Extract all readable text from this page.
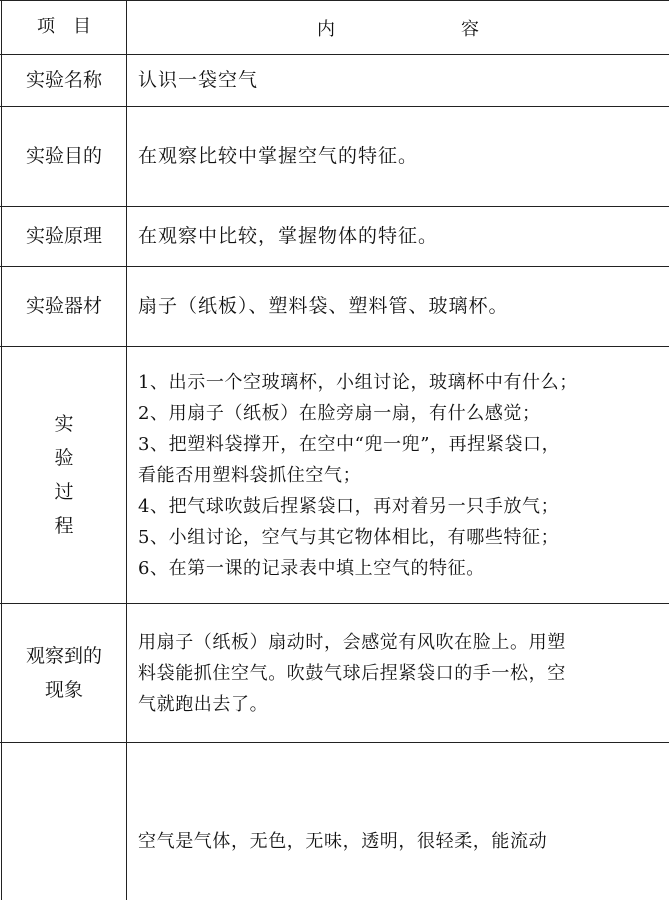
项　目	内　　　　　　　容
实验名称 认识一袋空气
实验目的 在观察比较中掌握空气的特征。
实验原理 在观察中比较，掌握物体的特征。
实验器材 扇子（纸板）、塑料袋、塑料管、玻璃杯。
实
验
过
程
1、出示一个空玻璃杯，小组讨论，玻璃杯中有什么；
2、用扇子（纸板）在脸旁扇一扇，有什么感觉；
3、把塑料袋撑开，在空中“兜一兜”，再捏紧袋口，
看能否用塑料袋抓住空气；
4、把气球吹鼓后捏紧袋口，再对着另一只手放气；
5、小组讨论，空气与其它物体相比，有哪些特征；
6、在第一课的记录表中填上空气的特征。
观察到的
现象
用扇子（纸板）扇动时，会感觉有风吹在脸上。用塑
料袋能抓住空气。吹鼓气球后捏紧袋口的手一松，空
气就跑出去了。
空气是气体，无色，无味，透明，很轻柔，能流动
